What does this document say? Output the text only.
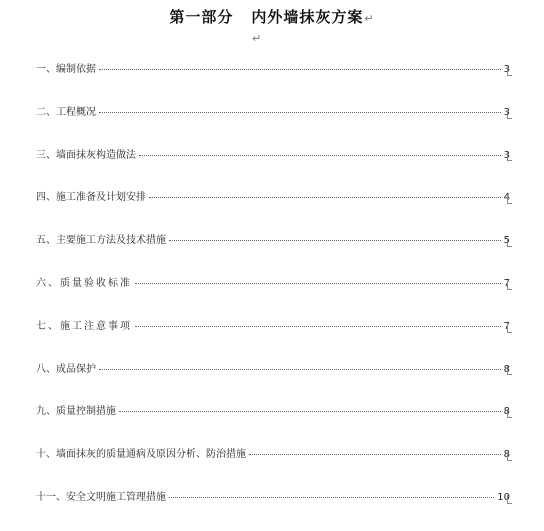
第一部分 内外墙抹灰方案↵
↵
一、编制依据	3
二、工程概况	3
三、墙面抹灰构造做法	3
四、施工准备及计划安排	4
五、主要施工方法及技术措施	5
六、质量验收标准	7
七、施工注意事项	7
八、成品保护	8
九、质量控制措施	8
十、墙面抹灰的质量通病及原因分析、防治措施	8
十一、安全文明施工管理措施	10
